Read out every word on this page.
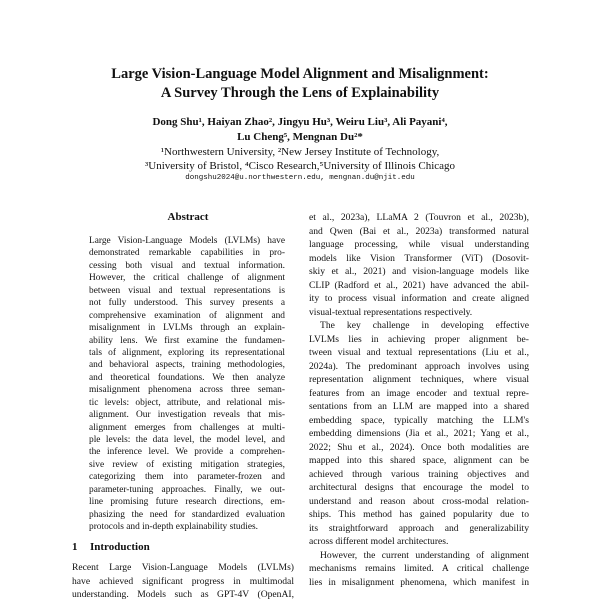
Large Vision-Language Model Alignment and Misalignment:
A Survey Through the Lens of Explainability
Dong Shu¹, Haiyan Zhao², Jingyu Hu³, Weiru Liu³, Ali Payani⁴,
Lu Cheng⁵, Mengnan Du²*
¹Northwestern University, ²New Jersey Institute of Technology,
³University of Bristol, ⁴Cisco Research,⁵University of Illinois Chicago
dongshu2024@u.northwestern.edu, mengnan.du@njit.edu
Abstract
Large Vision-Language Models (LVLMs) have
demonstrated remarkable capabilities in pro-
cessing both visual and textual information.
However, the critical challenge of alignment
between visual and textual representations is
not fully understood. This survey presents a
comprehensive examination of alignment and
misalignment in LVLMs through an explain-
ability lens. We first examine the fundamen-
tals of alignment, exploring its representational
and behavioral aspects, training methodologies,
and theoretical foundations. We then analyze
misalignment phenomena across three seman-
tic levels: object, attribute, and relational mis-
alignment. Our investigation reveals that mis-
alignment emerges from challenges at multi-
ple levels: the data level, the model level, and
the inference level. We provide a comprehen-
sive review of existing mitigation strategies,
categorizing them into parameter-frozen and
parameter-tuning approaches. Finally, we out-
line promising future research directions, em-
phasizing the need for standardized evaluation
protocols and in-depth explainability studies.
1 Introduction
Recent Large Vision-Language Models (LVLMs)
have achieved significant progress in multimodal
understanding. Models such as GPT-4V (OpenAI,
et al., 2023a), LLaMA 2 (Touvron et al., 2023b),
and Qwen (Bai et al., 2023a) transformed natural
language processing, while visual understanding
models like Vision Transformer (ViT) (Dosovit-
skiy et al., 2021) and vision-language models like
CLIP (Radford et al., 2021) have advanced the abil-
ity to process visual information and create aligned
visual-textual representations respectively.
The key challenge in developing effective
LVLMs lies in achieving proper alignment be-
tween visual and textual representations (Liu et al.,
2024a). The predominant approach involves using
representation alignment techniques, where visual
features from an image encoder and textual repre-
sentations from an LLM are mapped into a shared
embedding space, typically matching the LLM's
embedding dimensions (Jia et al., 2021; Yang et al.,
2022; Shu et al., 2024). Once both modalities are
mapped into this shared space, alignment can be
achieved through various training objectives and
architectural designs that encourage the model to
understand and reason about cross-modal relation-
ships. This method has gained popularity due to
its straightforward approach and generalizability
across different model architectures.
However, the current understanding of alignment
mechanisms remains limited. A critical challenge
lies in misalignment phenomena, which manifest in
